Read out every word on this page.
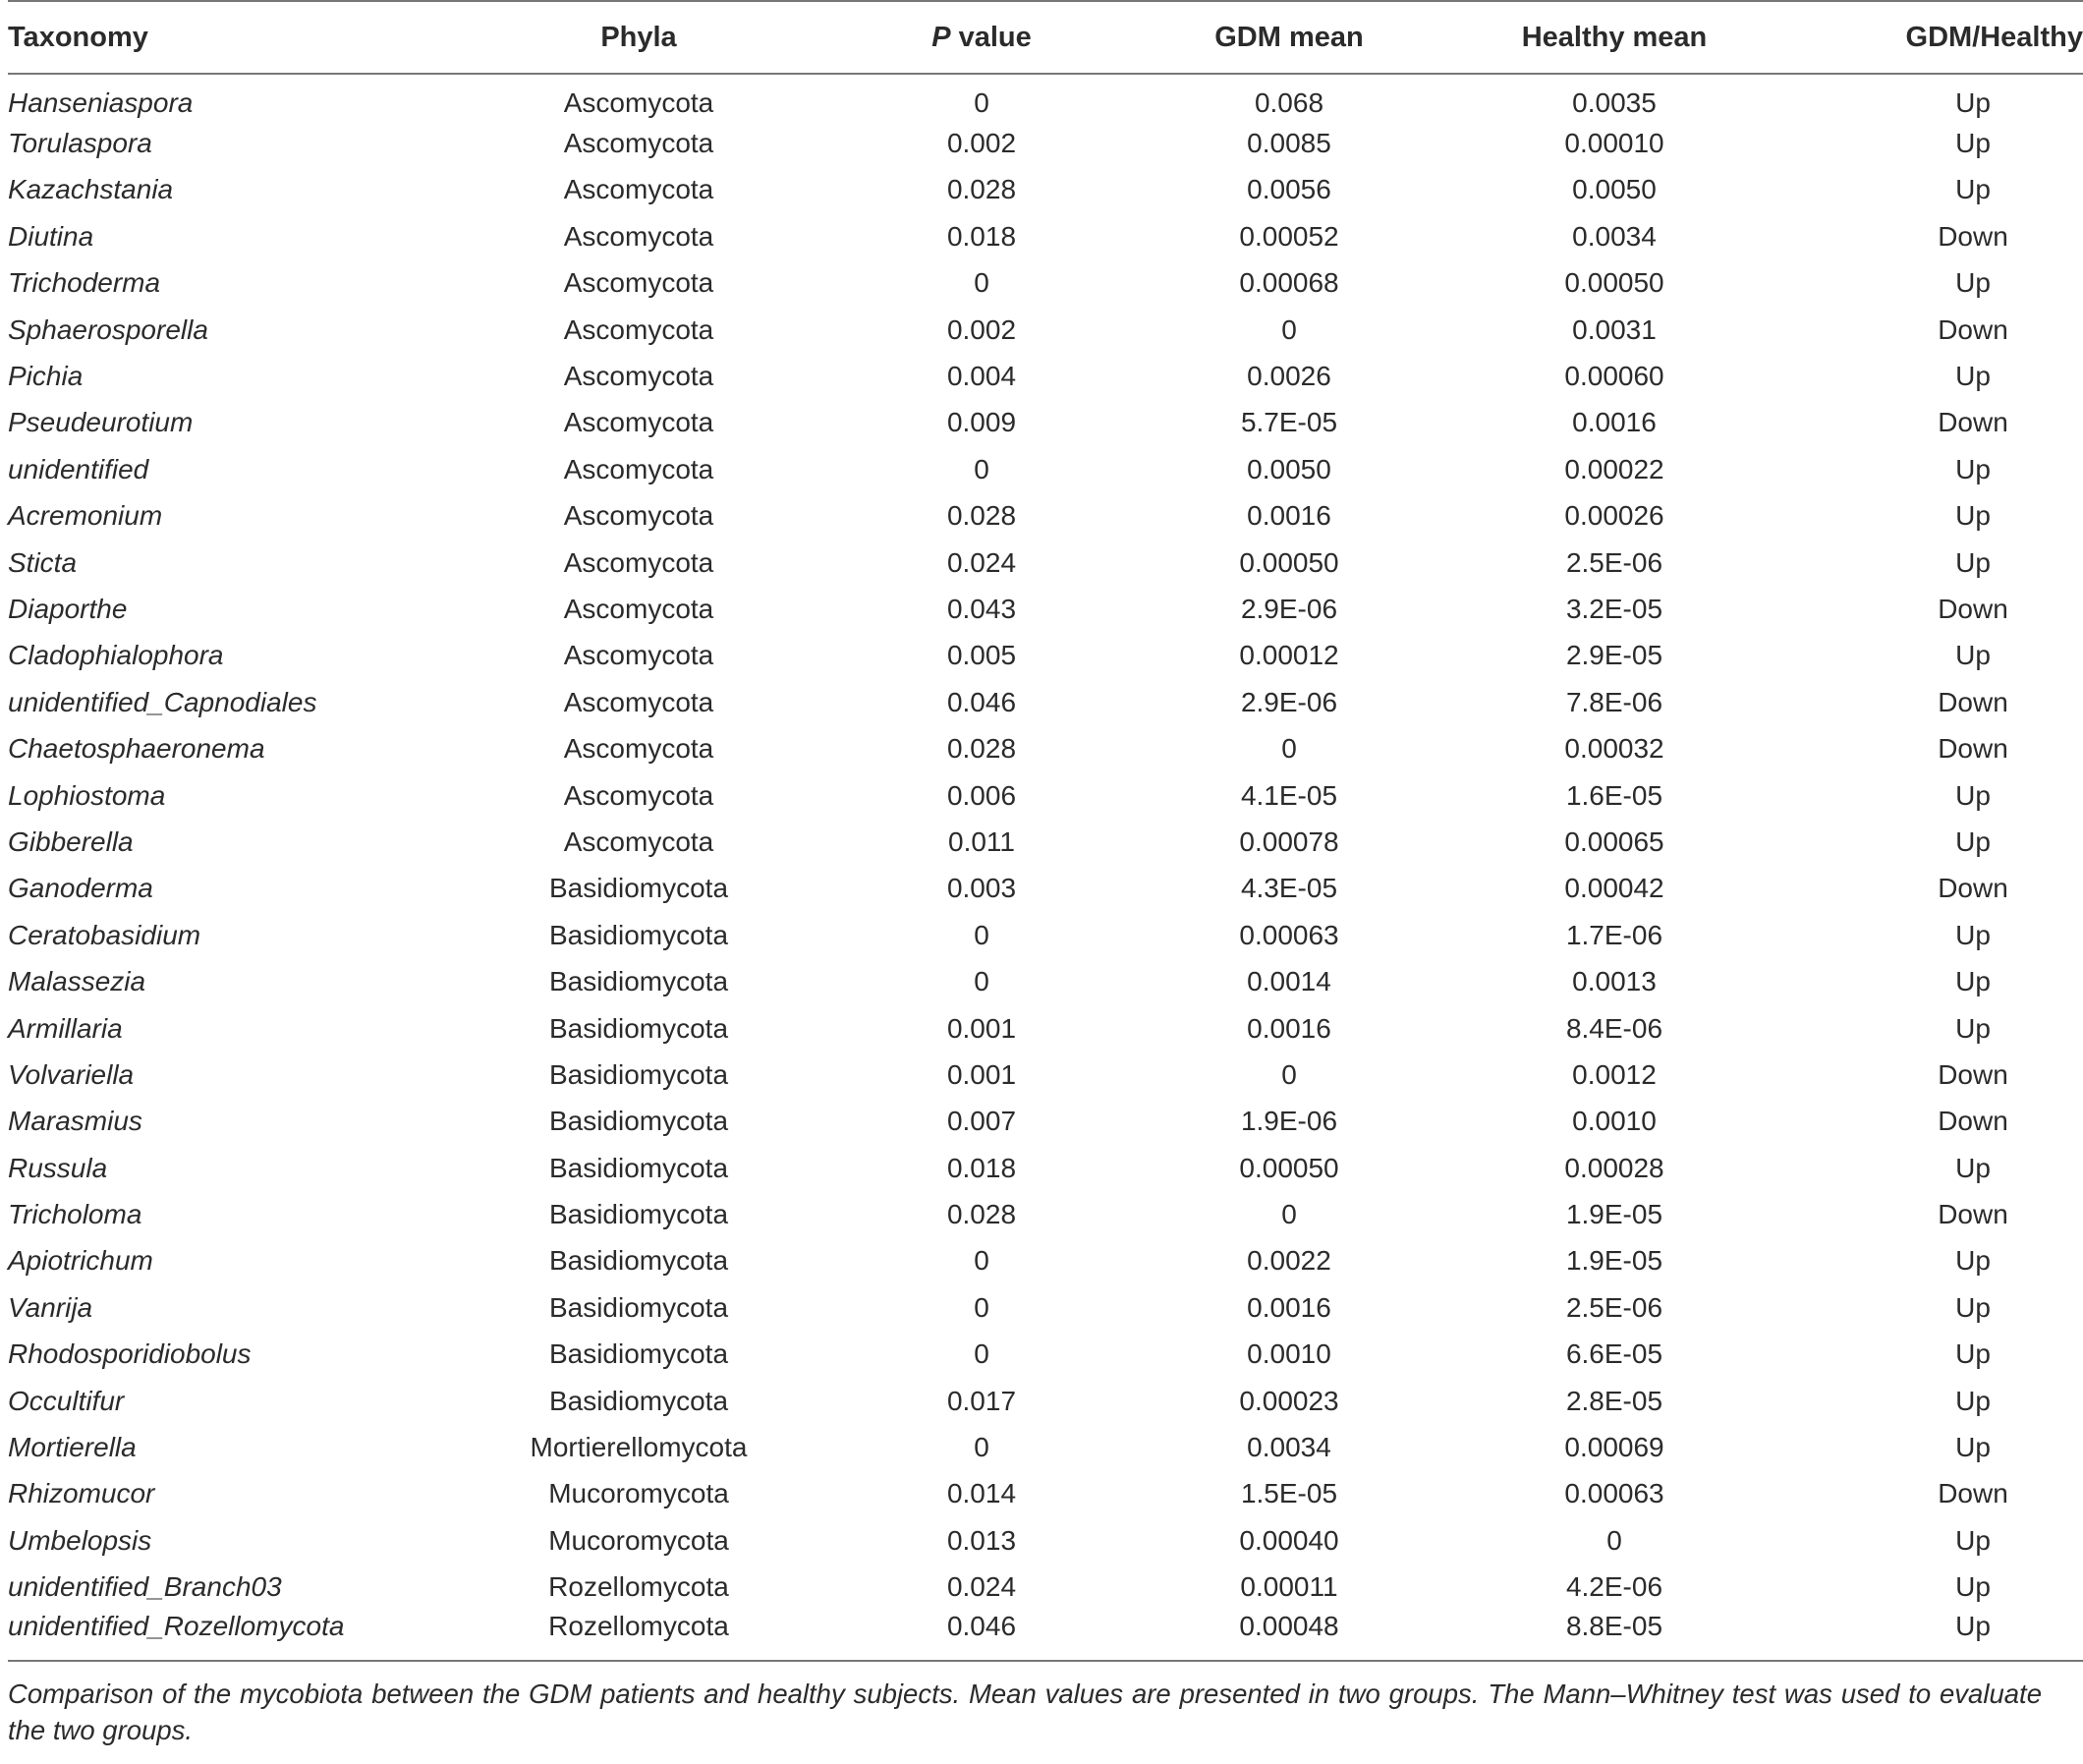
Taxonomy	Phyla	P value	GDM mean	Healthy mean	GDM/Healthy
Hanseniaspora	Ascomycota	0	0.068	0.0035	Up
Torulaspora	Ascomycota	0.002	0.0085	0.00010	Up
Kazachstania	Ascomycota	0.028	0.0056	0.0050	Up
Diutina	Ascomycota	0.018	0.00052	0.0034	Down
Trichoderma	Ascomycota	0	0.00068	0.00050	Up
Sphaerosporella	Ascomycota	0.002	0	0.0031	Down
Pichia	Ascomycota	0.004	0.0026	0.00060	Up
Pseudeurotium	Ascomycota	0.009	5.7E-05	0.0016	Down
unidentified	Ascomycota	0	0.0050	0.00022	Up
Acremonium	Ascomycota	0.028	0.0016	0.00026	Up
Sticta	Ascomycota	0.024	0.00050	2.5E-06	Up
Diaporthe	Ascomycota	0.043	2.9E-06	3.2E-05	Down
Cladophialophora	Ascomycota	0.005	0.00012	2.9E-05	Up
unidentified_Capnodiales	Ascomycota	0.046	2.9E-06	7.8E-06	Down
Chaetosphaeronema	Ascomycota	0.028	0	0.00032	Down
Lophiostoma	Ascomycota	0.006	4.1E-05	1.6E-05	Up
Gibberella	Ascomycota	0.011	0.00078	0.00065	Up
Ganoderma	Basidiomycota	0.003	4.3E-05	0.00042	Down
Ceratobasidium	Basidiomycota	0	0.00063	1.7E-06	Up
Malassezia	Basidiomycota	0	0.0014	0.0013	Up
Armillaria	Basidiomycota	0.001	0.0016	8.4E-06	Up
Volvariella	Basidiomycota	0.001	0	0.0012	Down
Marasmius	Basidiomycota	0.007	1.9E-06	0.0010	Down
Russula	Basidiomycota	0.018	0.00050	0.00028	Up
Tricholoma	Basidiomycota	0.028	0	1.9E-05	Down
Apiotrichum	Basidiomycota	0	0.0022	1.9E-05	Up
Vanrija	Basidiomycota	0	0.0016	2.5E-06	Up
Rhodosporidiobolus	Basidiomycota	0	0.0010	6.6E-05	Up
Occultifur	Basidiomycota	0.017	0.00023	2.8E-05	Up
Mortierella	Mortierellomycota	0	0.0034	0.00069	Up
Rhizomucor	Mucoromycota	0.014	1.5E-05	0.00063	Down
Umbelopsis	Mucoromycota	0.013	0.00040	0	Up
unidentified_Branch03	Rozellomycota	0.024	0.00011	4.2E-06	Up
unidentified_Rozellomycota	Rozellomycota	0.046	0.00048	8.8E-05	Up
Comparison of the mycobiota between the GDM patients and healthy subjects. Mean values are presented in two groups. The Mann–Whitney test was used to evaluate the two groups.
